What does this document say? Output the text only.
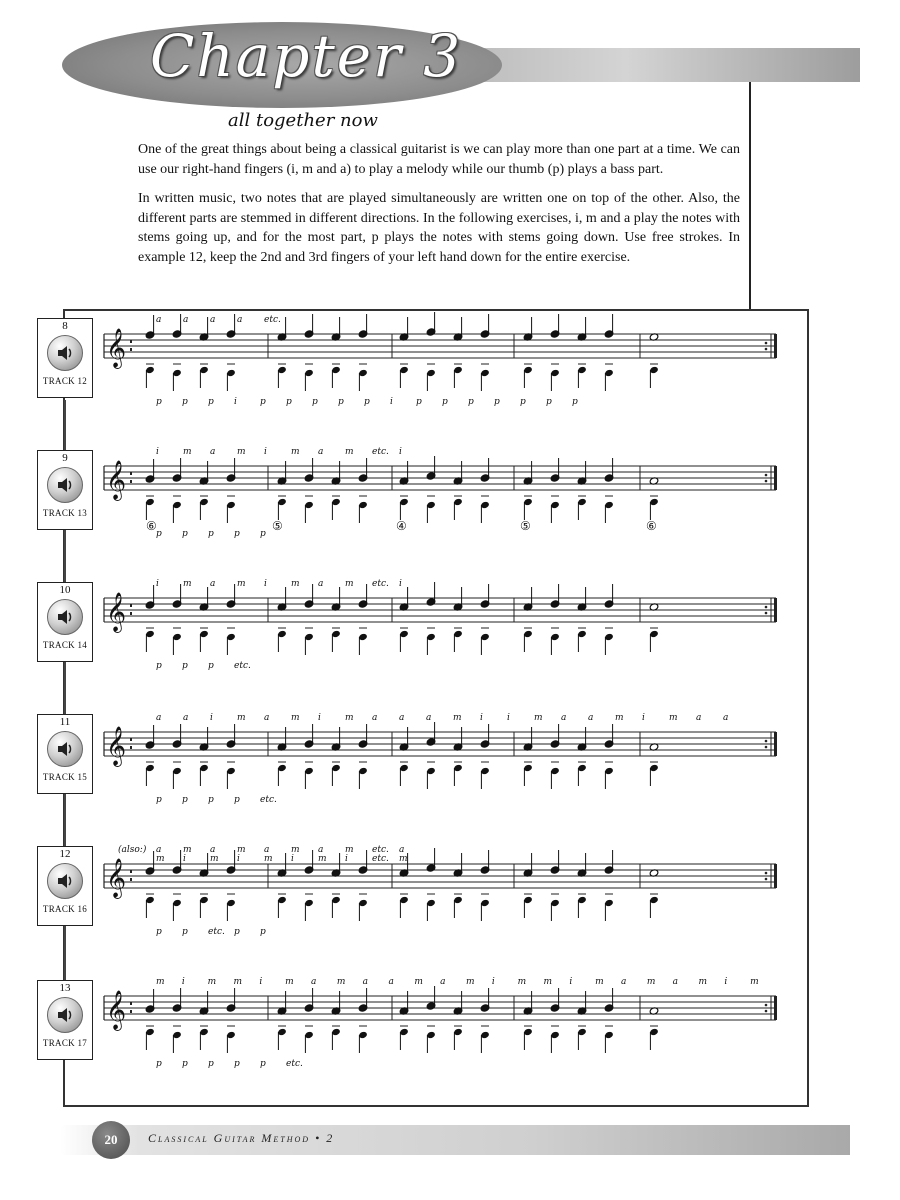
Chapter 3
all together now

One of the great things about being a classical guitarist is we can play more than one part at a time. We can use our right-hand fingers (i, m and a) to play a melody while our thumb (p) plays a bass part.

In written music, two notes that are played simultaneously are written one on top of the other. Also, the different parts are stemmed in different directions. In the following exercises, i, m and a play the notes with stems going up, and for the most part, p plays the notes with stems going down. Use free strokes. In example 12, keep the 2nd and 3rd fingers of your left hand down for the entire exercise.

𝄞
a a a a etc.
p p p i	p p p p p i	p p p p p p p
𝄞
i	m a m i	m a m etc. i
p p p p p
⑥	⑤	④	⑤	⑥
𝄞
i	m a m i	m a m etc. i
p p p etc.
𝄞
a a i	m a m i	m a a a m i	i	m a a m i	m a a
p p p p etc.
𝄞
a m a m a m a m etc. a
m i	m i	m i	m i	etc. m
(also:)
p p etc. p p
𝄞
m i	m m i	m a m a a m a m i	m m i	m a m a m i	m
p p p p p etc.
8
TRACK 12
9
TRACK 13
10
TRACK 14
11
TRACK 15
12
TRACK 16
13
TRACK 17
20	Classical Guitar Method • 2
